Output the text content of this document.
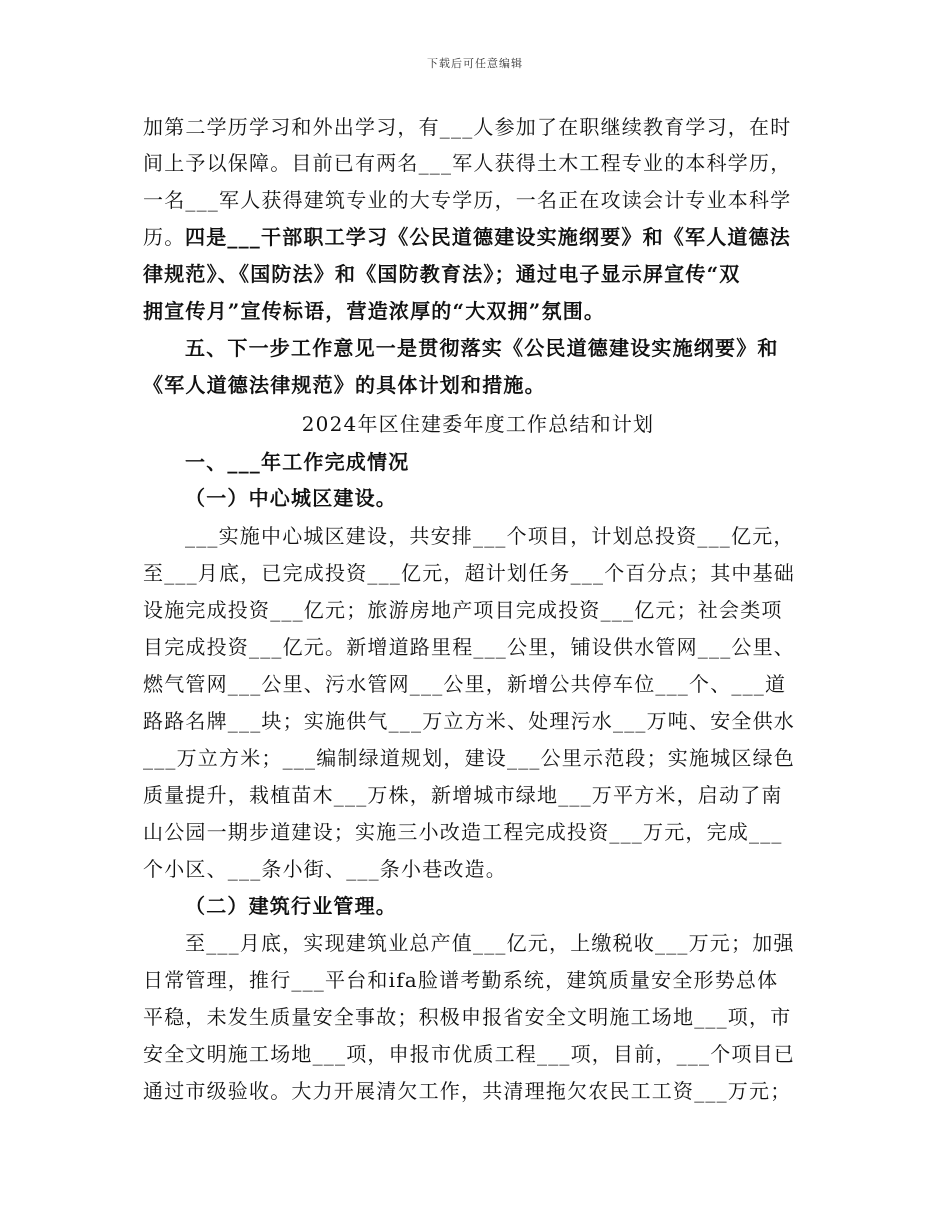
下载后可任意编辑
加第二学历学习和外出学习，有___人参加了在职继续教育学习，在时
间上予以保障。目前已有两名___军人获得土木工程专业的本科学历，
一名___军人获得建筑专业的大专学历，一名正在攻读会计专业本科学
历。 四是___干部职工学习《公民道德建设实施纲要》和《军人道德法
律规范》、《国防法》和《国防教育法》；通过电子显示屏宣传“双
拥宣传月”宣传标语，营造浓厚的“大双拥”氛围。
五、下一步工作意见一是贯彻落实《公民道德建设实施纲要》和
《军人道德法律规范》的具体计划和措施。
2024年区住建委年度工作总结和计划
一、___年工作完成情况
（一）中心城区建设。
___实施中心城区建设，共安排___个项目，计划总投资___亿元，
至___月底，已完成投资___亿元，超计划任务___个百分点；其中基础
设施完成投资___亿元；旅游房地产项目完成投资___亿元；社会类项
目完成投资___亿元。新增道路里程___公里，铺设供水管网___公里、
燃气管网___公里、污水管网___公里，新增公共停车位___个、___道
路路名牌___块；实施供气___万立方米、处理污水___万吨、安全供水
___万立方米；___编制绿道规划，建设___公里示范段；实施城区绿色
质量提升，栽植苗木___万株，新增城市绿地___万平方米，启动了南
山公园一期步道建设；实施三小改造工程完成投资___万元，完成___
个小区、___条小街、___条小巷改造。
（二）建筑行业管理。
至___月底，实现建筑业总产值___亿元，上缴税收___万元；加强
日常管理，推行___平台和ifa脸谱考勤系统，建筑质量安全形势总体
平稳，未发生质量安全事故；积极申报省安全文明施工场地___项，市
安全文明施工场地___项，申报市优质工程___项，目前，___个项目已
通过市级验收。大力开展清欠工作，共清理拖欠农民工工资___万元；
